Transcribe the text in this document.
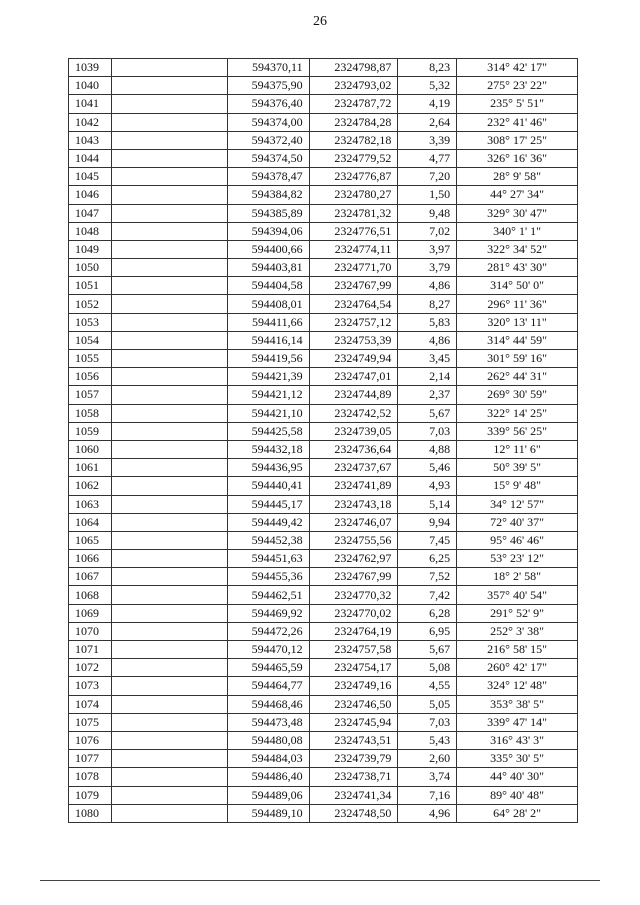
26
1039		594370,11	2324798,87	8,23	314° 42' 17"
1040		594375,90	2324793,02	5,32	275° 23' 22"
1041		594376,40	2324787,72	4,19	235° 5' 51"
1042		594374,00	2324784,28	2,64	232° 41' 46"
1043		594372,40	2324782,18	3,39	308° 17' 25"
1044		594374,50	2324779,52	4,77	326° 16' 36"
1045		594378,47	2324776,87	7,20	28° 9' 58"
1046		594384,82	2324780,27	1,50	44° 27' 34"
1047		594385,89	2324781,32	9,48	329° 30' 47"
1048		594394,06	2324776,51	7,02	340° 1' 1"
1049		594400,66	2324774,11	3,97	322° 34' 52"
1050		594403,81	2324771,70	3,79	281° 43' 30"
1051		594404,58	2324767,99	4,86	314° 50' 0"
1052		594408,01	2324764,54	8,27	296° 11' 36"
1053		594411,66	2324757,12	5,83	320° 13' 11"
1054		594416,14	2324753,39	4,86	314° 44' 59"
1055		594419,56	2324749,94	3,45	301° 59' 16"
1056		594421,39	2324747,01	2,14	262° 44' 31"
1057		594421,12	2324744,89	2,37	269° 30' 59"
1058		594421,10	2324742,52	5,67	322° 14' 25"
1059		594425,58	2324739,05	7,03	339° 56' 25"
1060		594432,18	2324736,64	4,88	12° 11' 6"
1061		594436,95	2324737,67	5,46	50° 39' 5"
1062		594440,41	2324741,89	4,93	15° 9' 48"
1063		594445,17	2324743,18	5,14	34° 12' 57"
1064		594449,42	2324746,07	9,94	72° 40' 37"
1065		594452,38	2324755,56	7,45	95° 46' 46"
1066		594451,63	2324762,97	6,25	53° 23' 12"
1067		594455,36	2324767,99	7,52	18° 2' 58"
1068		594462,51	2324770,32	7,42	357° 40' 54"
1069		594469,92	2324770,02	6,28	291° 52' 9"
1070		594472,26	2324764,19	6,95	252° 3' 38"
1071		594470,12	2324757,58	5,67	216° 58' 15"
1072		594465,59	2324754,17	5,08	260° 42' 17"
1073		594464,77	2324749,16	4,55	324° 12' 48"
1074		594468,46	2324746,50	5,05	353° 38' 5"
1075		594473,48	2324745,94	7,03	339° 47' 14"
1076		594480,08	2324743,51	5,43	316° 43' 3"
1077		594484,03	2324739,79	2,60	335° 30' 5"
1078		594486,40	2324738,71	3,74	44° 40' 30"
1079		594489,06	2324741,34	7,16	89° 40' 48"
1080		594489,10	2324748,50	4,96	64° 28' 2"
